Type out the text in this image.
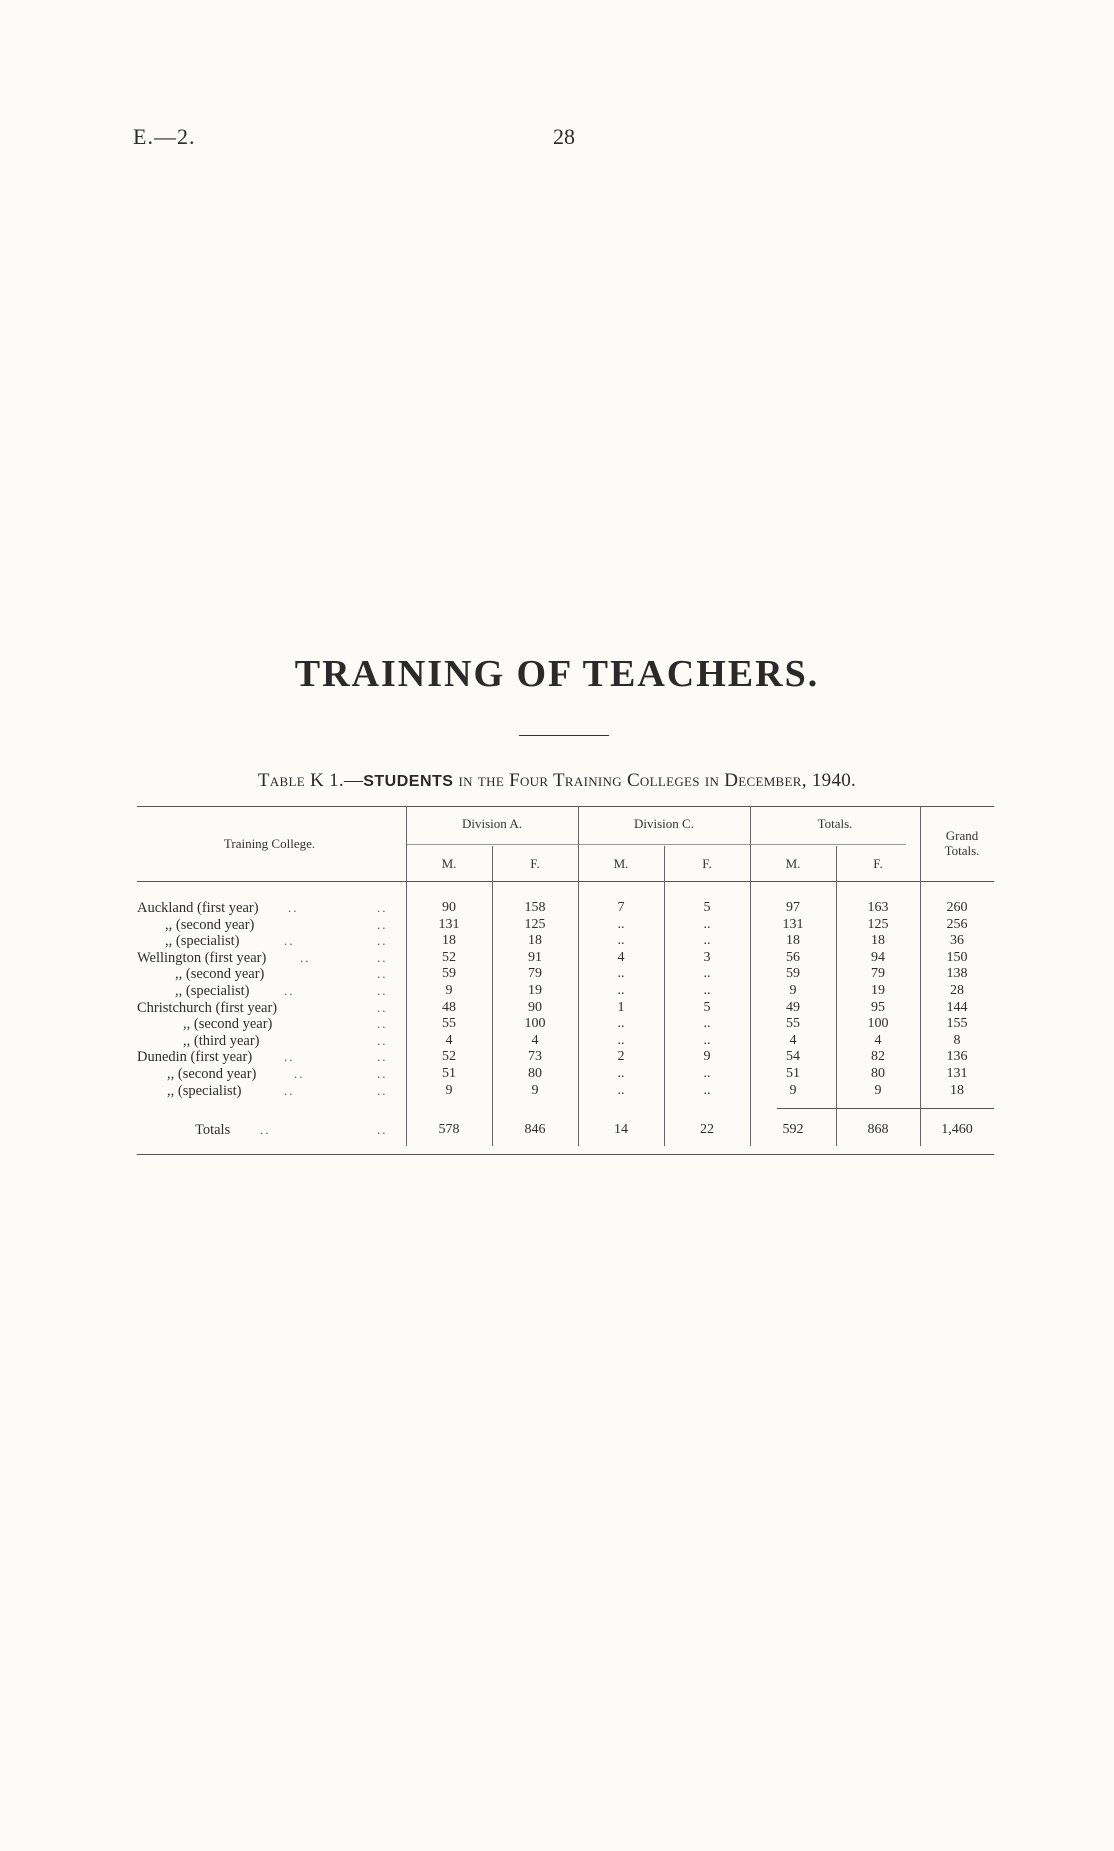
E.—2.	28
TRAINING OF TEACHERS.
Table K 1.—STUDENTS in the Four Training Colleges in December, 1940.
Training College.
Division A.	Division C.	Totals.
Grand Totals.
M.	F.	M.	F.	M.	F.
Auckland (first year) ..	..	90	158	7	5	97	163	260
,, (second year)	..	131	125	..	..	131	125	256
,, (specialist)	..	..	18	18	..	..	18	18	36
Wellington (first year)	..	..	52	91	4	3	56	94	150
,, (second year)	..	59	79	..	..	59	79	138
,, (specialist)	..	..	9	19	..	..	9	19	28
Christchurch (first year)	..	48	90	1	5	49	95	144
,, (second year)	..	55	100	..	..	55	100	155
,, (third year)	..	4	4	..	..	4	4	8
Dunedin (first year) ..	..	52	73	2	9	54	82	136
,, (second year)	..	..	51	80	..	..	51	80	131
,, (specialist)	..	..	9	9	..	..	9	9	18
Totals ..	..	578	846	14	22	592	868	1,460
